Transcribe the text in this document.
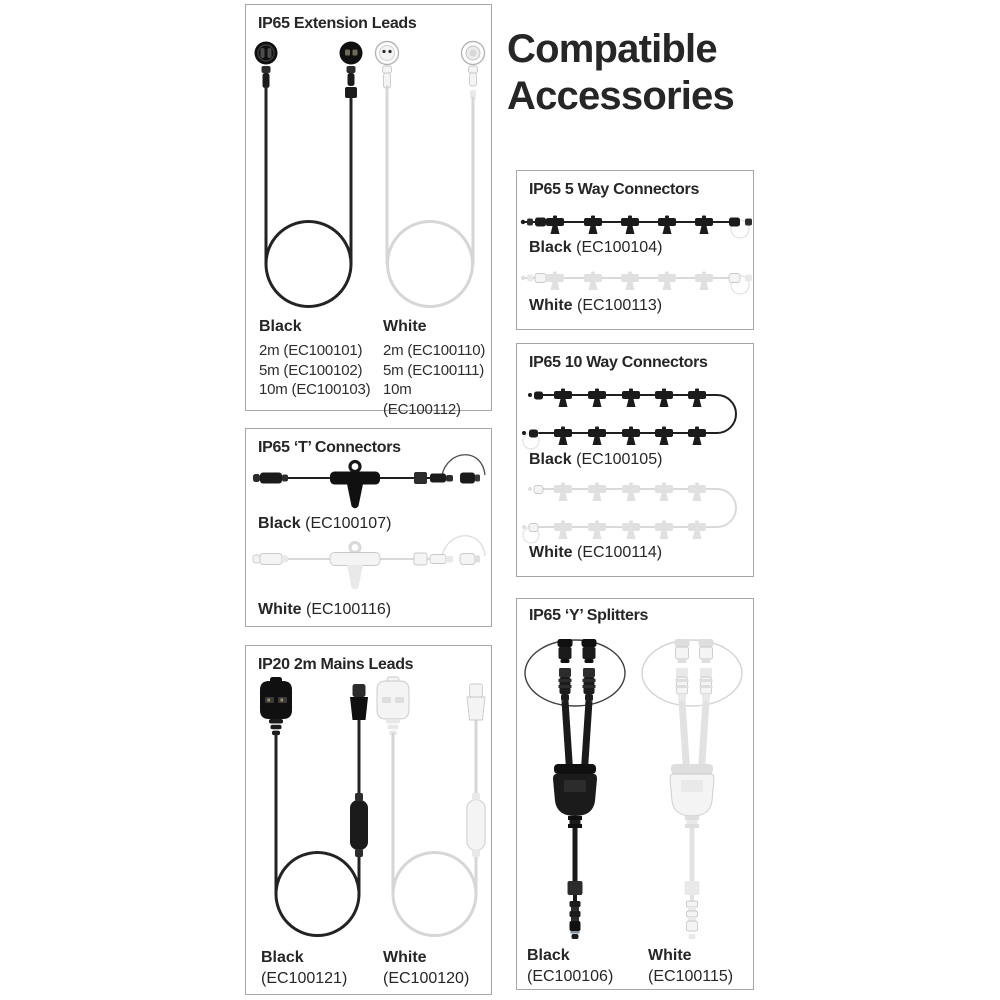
Compatible
Accessories
IP65 Extension Leads
Black
2m (EC100101)
5m (EC100102)
10m (EC100103)
White
2m (EC100110)
5m (EC100111)
10m (EC100112)
IP65 ‘T’ Connectors
Black (EC100107)
White (EC100116)
IP20 2m Mains Leads
Black
(EC100121)
White
(EC100120)
IP65 5 Way Connectors
Black (EC100104)
White (EC100113)
IP65 10 Way Connectors
Black (EC100105)
White (EC100114)
IP65 ‘Y’ Splitters
Black
(EC100106)
White
(EC100115)
